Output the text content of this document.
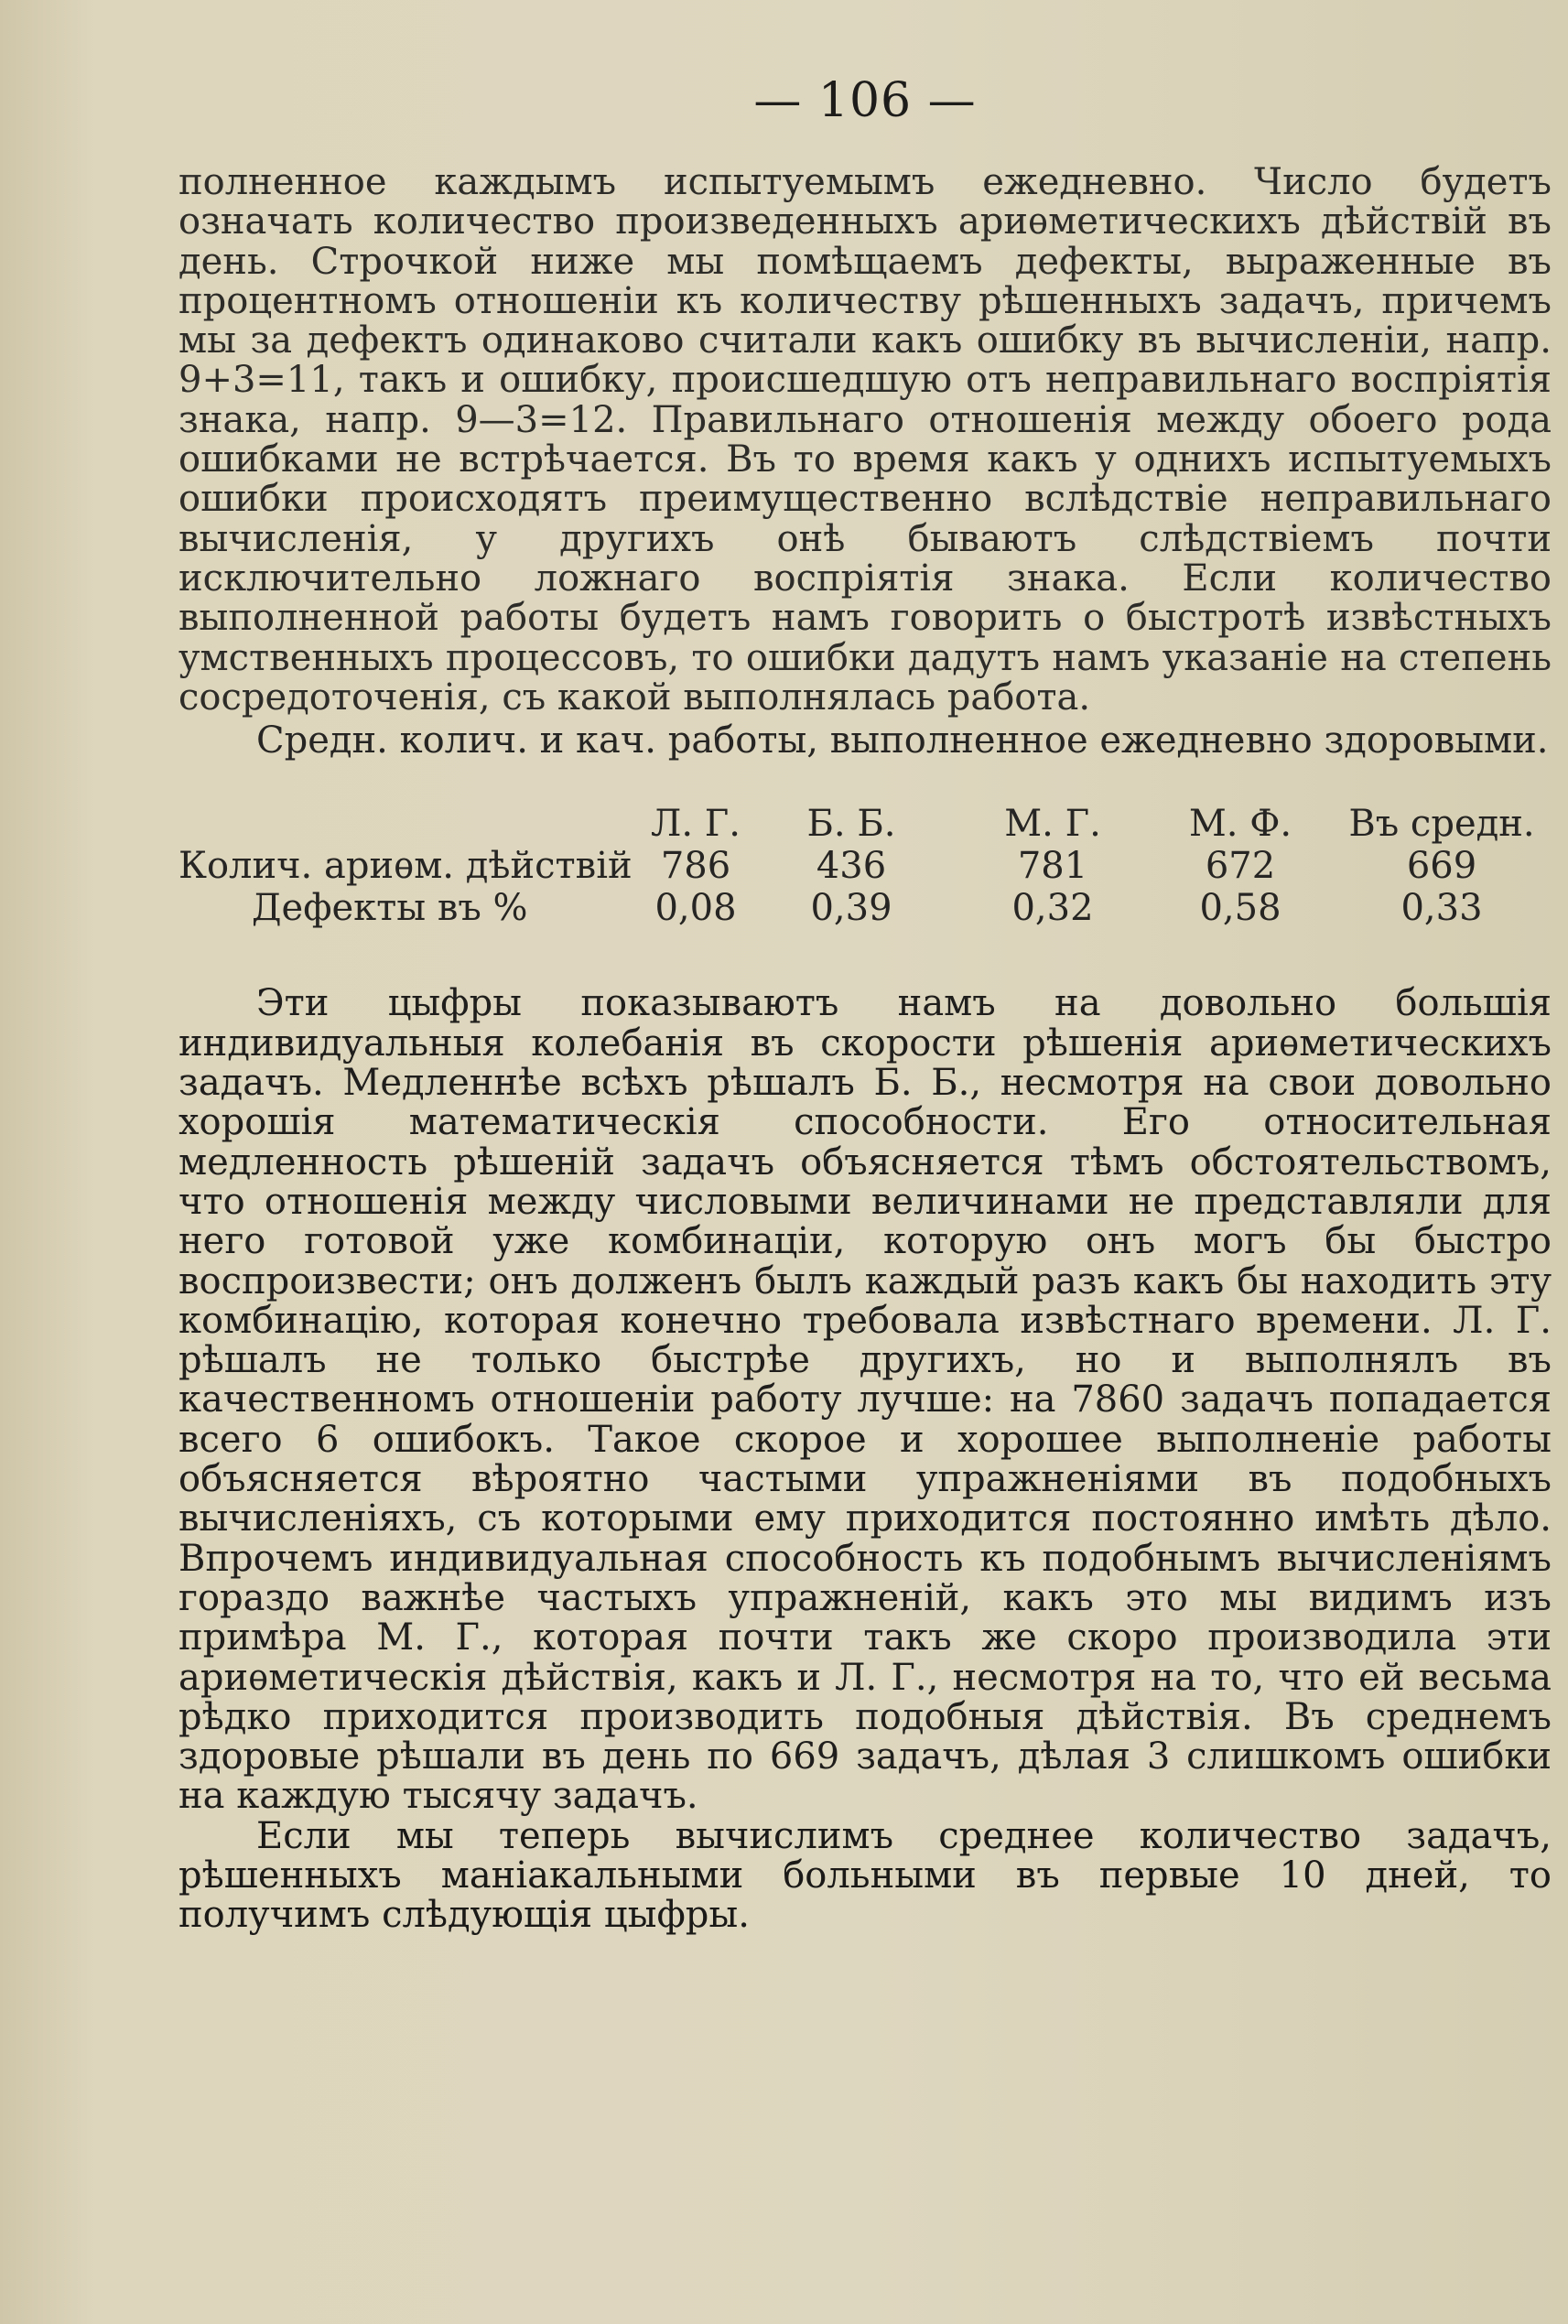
— 106 —

полненное каждымъ испытуемымъ ежедневно. Число будетъ означать количество произведенныхъ ариѳметическихъ дѣйствій въ день. Строчкой ниже мы помѣщаемъ дефекты, выраженные въ процентномъ отношеніи къ количеству рѣшенныхъ задачъ, причемъ мы за дефектъ одинаково считали какъ ошибку въ вычисленіи, напр. 9+3=11, такъ и ошибку, происшедшую отъ неправильнаго воспріятія знака, напр. 9—3=12. Правильнаго отношенія между обоего рода ошибками не встрѣчается. Въ то время какъ у однихъ испытуемыхъ ошибки происходятъ преимущественно вслѣдствіе неправильнаго вычисленія, у другихъ онѣ бываютъ слѣдствіемъ почти исключительно ложнаго воспріятія знака. Если количество выполненной работы будетъ намъ говорить о быстротѣ извѣстныхъ умственныхъ процессовъ, то ошибки дадутъ намъ указаніе на степень сосредоточенія, съ какой выполнялась работа.

Средн. колич. и кач. работы, выполненное ежедневно здоровыми.

	Л. Г.	Б. Б.	М. Г.	М. Ф.	Въ средн.
Колич. ариѳм. дѣйствій	786	436	781	672	669
Дефекты въ %	0,08	0,39	0,32	0,58	0,33

Эти цыфры показываютъ намъ на довольно большія индивидуальныя колебанія въ скорости рѣшенія ариѳметическихъ задачъ. Медленнѣе всѣхъ рѣшалъ Б. Б., несмотря на свои довольно хорошія математическія способности. Его относительная медленность рѣшеній задачъ объясняется тѣмъ обстоятельствомъ, что отношенія между числовыми величинами не представляли для него готовой уже комбинаціи, которую онъ могъ бы быстро воспроизвести; онъ долженъ былъ каждый разъ какъ бы находить эту комбинацію, которая конечно требовала извѣстнаго времени. Л. Г. рѣшалъ не только быстрѣе другихъ, но и выполнялъ въ качественномъ отношеніи работу лучше: на 7860 задачъ попадается всего 6 ошибокъ. Такое скорое и хорошее выполненіе работы объясняется вѣроятно частыми упражненіями въ подобныхъ вычисленіяхъ, съ которыми ему приходится постоянно имѣть дѣло. Впрочемъ индивидуальная способность къ подобнымъ вычисленіямъ гораздо важнѣе частыхъ упражненій, какъ это мы видимъ изъ примѣра М. Г., которая почти такъ же скоро производила эти ариѳметическія дѣйствія, какъ и Л. Г., несмотря на то, что ей весьма рѣдко приходится производить подобныя дѣйствія. Въ среднемъ здоровые рѣшали въ день по 669 задачъ, дѣлая 3 слишкомъ ошибки на каждую тысячу задачъ.

Если мы теперь вычислимъ среднее количество задачъ, рѣшенныхъ маніакальными больными въ первые 10 дней, то получимъ слѣдующія цыфры.
